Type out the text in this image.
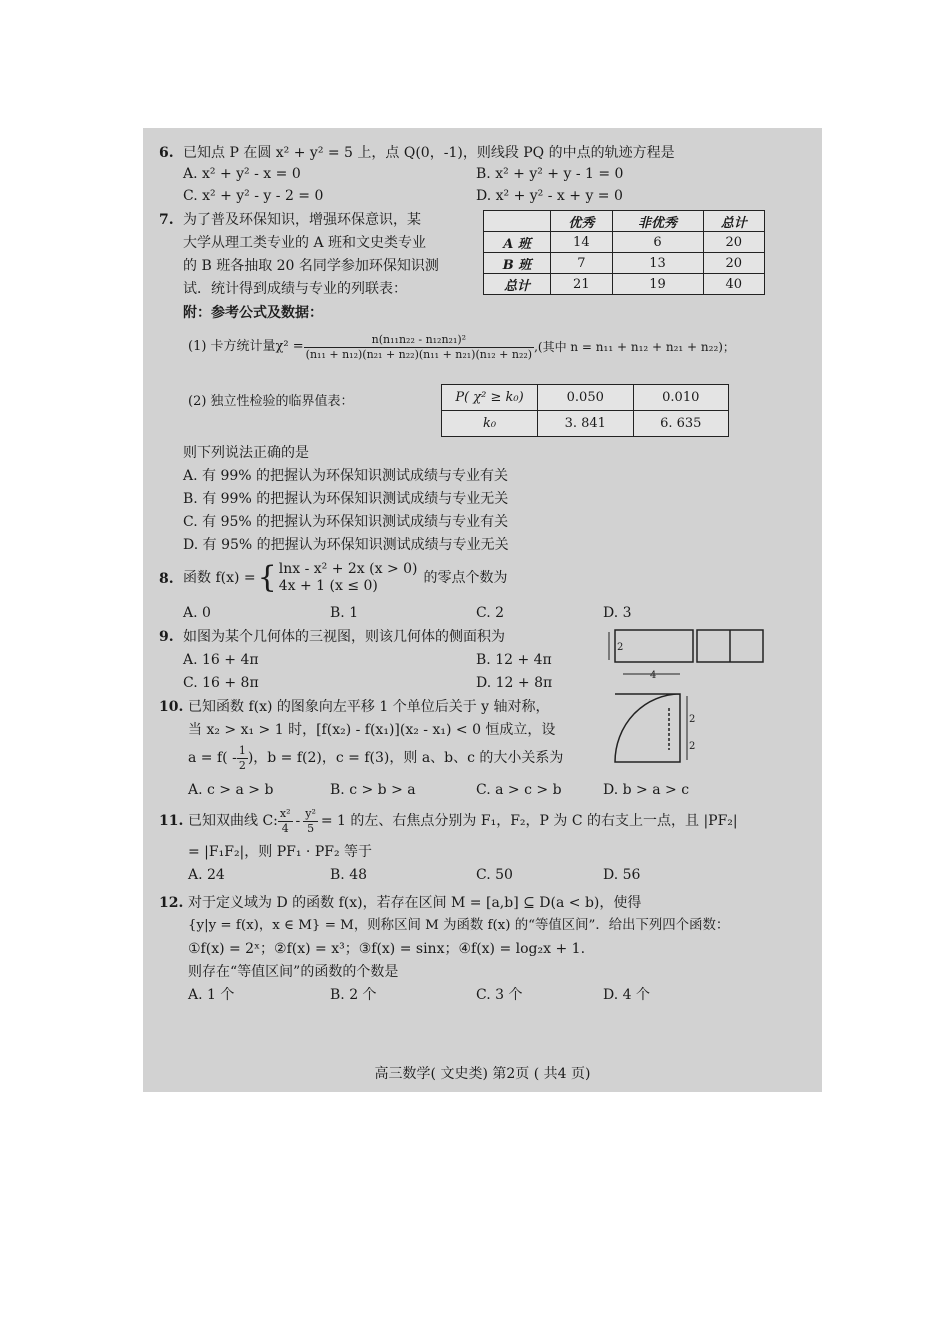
6. 已知点 P 在圆 x² + y² = 5 上，点 Q(0，-1)，则线段 PQ 的中点的轨迹方程是
A. x² + y² - x = 0	B. x² + y² + y - 1 = 0
C. x² + y² - y - 2 = 0	D. x² + y² - x + y = 0
7. 为了普及环保知识，增强环保意识，某
大学从理工类专业的 A 班和文史类专业
的 B 班各抽取 20 名同学参加环保知识测
试．统计得到成绩与专业的列联表：
	优秀	非优秀	总计
A 班	14	6	20
B 班	7	13	20
总计	21	19	40
附：参考公式及数据：
(1) 卡方统计量$\chi^2 = \frac{\text{n(n₁₁n₂₂ - n₁₂n₂₁)²}}{\text{(n₁₁ + n₁₂)(n₂₁ + n₂₂)(n₁₁ + n₂₁)(n₁₂ + n₂₂)}}$ ,(其中 n = n₁₁ + n₁₂ + n₂₁ + n₂₂)；
(2) 独立性检验的临界值表：	P( χ² ≥ k₀)	0.050	0.010
k₀	3. 841	6. 635
则下列说法正确的是
A. 有 99% 的把握认为环保知识测试成绩与专业有关
B. 有 99% 的把握认为环保知识测试成绩与专业无关
C. 有 95% 的把握认为环保知识测试成绩与专业有关
D. 有 95% 的把握认为环保知识测试成绩与专业无关
8. 函数 f(x) = { lnx - x² + 2x (x > 0)
4x + 1 (x ≤ 0)	的零点个数为
A. 0	B. 1	C. 2	D. 3
9. 如图为某个几何体的三视图，则该几何体的侧面积为
A. 16 + 4π	B. 12 + 4π
C. 16 + 8π	D. 12 + 8π	4
2
2
2
10. 已知函数 f(x) 的图象向左平移 1 个单位后关于 y 轴对称，
当 x₂ > x₁ > 1 时，[f(x₂) - f(x₁)](x₂ - x₁) < 0 恒成立，设
$a = f( - \frac{1}{2}$ )，b = f(2)，c = f(3)，则 a、b、c 的大小关系为
A. c > a > b	B. c > b > a	C. a > c > b	D. b > a > c
11. 已知双曲线 C: $\frac{\text{x²}}{4} - \frac{\text{y²}}{5} = 1$ 的左、右焦点分别为 F₁，F₂，P 为 C 的右支上一点，且 |PF₂|
= |F₁F₂|，则 PF₁ · PF₂ 等于
A. 24	B. 48	C. 50	D. 56
12. 对于定义域为 D 的函数 f(x)，若存在区间 M = [a,b] ⊆ D(a < b)，使得
{y|y = f(x)，x ∈ M} = M，则称区间 M 为函数 f(x) 的“等值区间”．给出下列四个函数：
①f(x) = 2ˣ；②f(x) = x³；③f(x) = sinx；④f(x) = log₂x + 1.
则存在“等值区间”的函数的个数是
A. 1 个	B. 2 个	C. 3 个	D. 4 个
高三数学( 文史类) 第2页 ( 共4 页)
